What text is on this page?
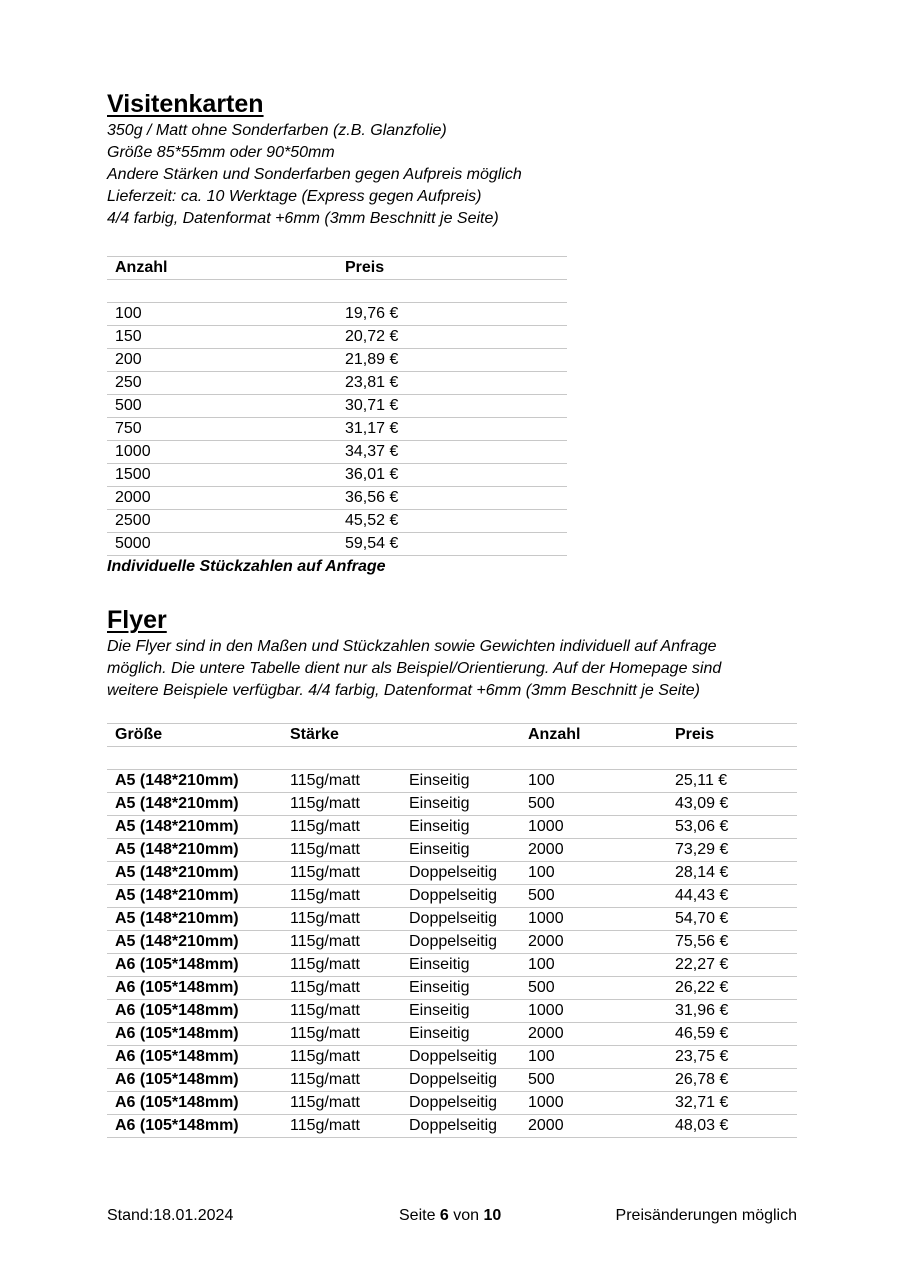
Visitenkarten

350g / Matt ohne Sonderfarben (z.B. Glanzfolie)

Größe 85*55mm oder 90*50mm

Andere Stärken und Sonderfarben gegen Aufpreis möglich

Lieferzeit: ca. 10 Werktage (Express gegen Aufpreis)

4/4 farbig, Datenformat +6mm (3mm Beschnitt je Seite)

Anzahl	Preis

100	19,76 €
150	20,72 €
200	21,89 €
250	23,81 €
500	30,71 €
750	31,17 €
1000	34,37 €
1500	36,01 €
2000	36,56 €
2500	45,52 €
5000	59,54 €

Individuelle Stückzahlen auf Anfrage

Flyer

Die Flyer sind in den Maßen und Stückzahlen sowie Gewichten individuell auf Anfrage

möglich. Die untere Tabelle dient nur als Beispiel/Orientierung. Auf der Homepage sind

weitere Beispiele verfügbar. 4/4 farbig, Datenformat +6mm (3mm Beschnitt je Seite)

Größe	Stärke		Anzahl	Preis

A5 (148*210mm)	115g/matt	Einseitig	100	25,11 €
A5 (148*210mm)	115g/matt	Einseitig	500	43,09 €
A5 (148*210mm)	115g/matt	Einseitig	1000	53,06 €
A5 (148*210mm)	115g/matt	Einseitig	2000	73,29 €
A5 (148*210mm)	115g/matt	Doppelseitig	100	28,14 €
A5 (148*210mm)	115g/matt	Doppelseitig	500	44,43 €
A5 (148*210mm)	115g/matt	Doppelseitig	1000	54,70 €
A5 (148*210mm)	115g/matt	Doppelseitig	2000	75,56 €
A6 (105*148mm)	115g/matt	Einseitig	100	22,27 €
A6 (105*148mm)	115g/matt	Einseitig	500	26,22 €
A6 (105*148mm)	115g/matt	Einseitig	1000	31,96 €
A6 (105*148mm)	115g/matt	Einseitig	2000	46,59 €
A6 (105*148mm)	115g/matt	Doppelseitig	100	23,75 €
A6 (105*148mm)	115g/matt	Doppelseitig	500	26,78 €
A6 (105*148mm)	115g/matt	Doppelseitig	1000	32,71 €
A6 (105*148mm)	115g/matt	Doppelseitig	2000	48,03 €
Stand:18.01.2024	Seite 6 von 10	Preisänderungen möglich
